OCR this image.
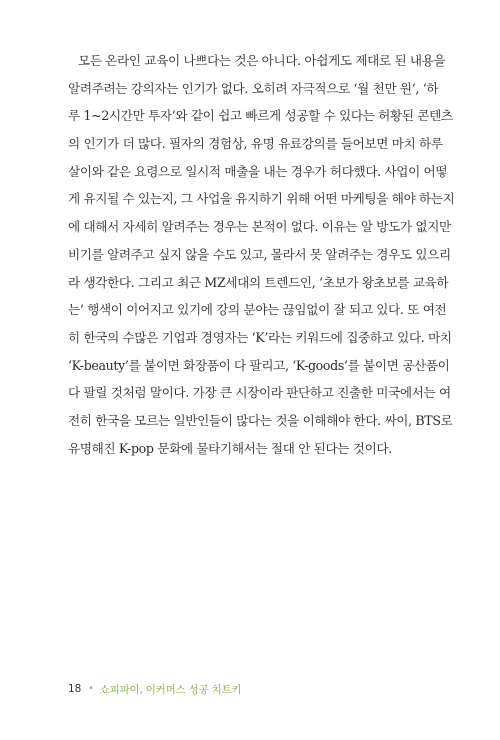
모든 온라인 교육이 나쁘다는 것은 아니다. 아쉽게도 제대로 된 내용을
알려주려는 강의자는 인기가 없다. 오히려 자극적으로 ‘월 천만 원’, ‘하
루 1~2시간만 투자’와 같이 쉽고 빠르게 성공할 수 있다는 허황된 콘텐츠
의 인기가 더 많다. 필자의 경험상, 유명 유료강의를 들어보면 마치 하루
살이와 같은 요령으로 일시적 매출을 내는 경우가 허다했다. 사업이 어떻
게 유지될 수 있는지, 그 사업을 유지하기 위해 어떤 마케팅을 해야 하는지
에 대해서 자세히 알려주는 경우는 본적이 없다. 이유는 알 방도가 없지만
비기를 알려주고 싶지 않을 수도 있고, 몰라서 못 알려주는 경우도 있으리
라 생각한다. 그리고 최근 MZ세대의 트렌드인, ‘초보가 왕초보를 교육하
는’ 행색이 이어지고 있기에 강의 분야는 끊임없이 잘 되고 있다. 또 여전
히 한국의 수많은 기업과 경영자는 ‘K’라는 키워드에 집중하고 있다. 마치
‘K-beauty’를 붙이면 화장품이 다 팔리고, ‘K-goods’를 붙이면 공산품이
다 팔릴 것처럼 말이다. 가장 큰 시장이라 판단하고 진출한 미국에서는 여
전히 한국을 모르는 일반인들이 많다는 것을 이해해야 한다. 싸이, BTS로
유명해진 K-pop 문화에 물타기해서는 절대 안 된다는 것이다.
18 • 쇼피파이, 이커머스 성공 치트키
